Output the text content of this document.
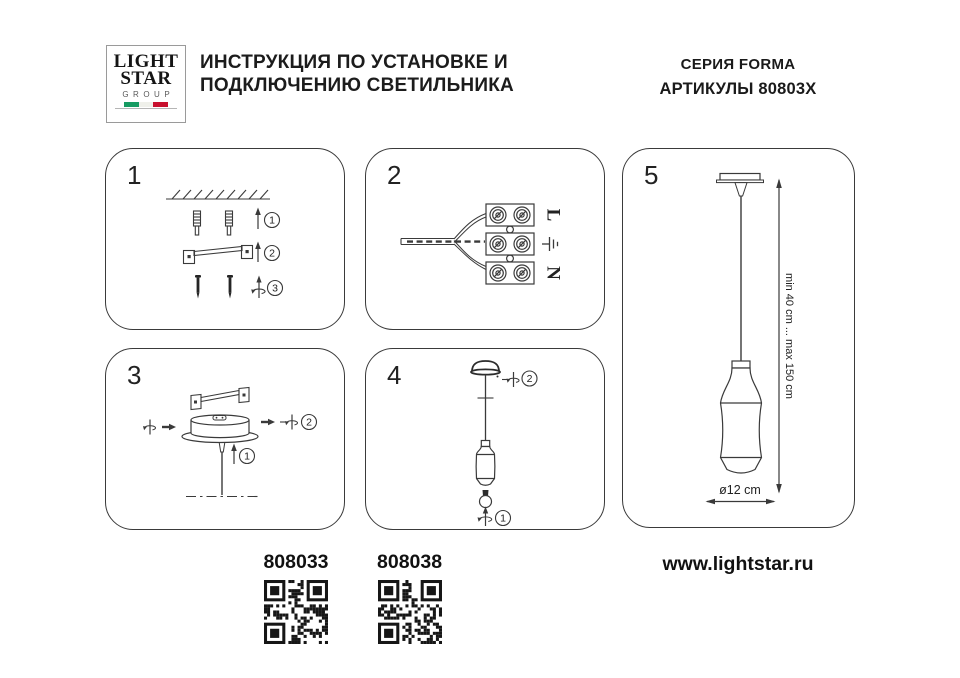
LIGHT
STAR
GROUP
ИНСТРУКЦИЯ ПО УСТАНОВКЕ И
ПОДКЛЮЧЕНИЮ СВЕТИЛЬНИКА
СЕРИЯ FORMA
АРТИКУЛЫ 80803X
1
1
2
3
2
L
N
3
2
1
4	2
1
5
min 40 cm ... max 150 cm
ø12 cm
808033 808038	www.lightstar.ru
